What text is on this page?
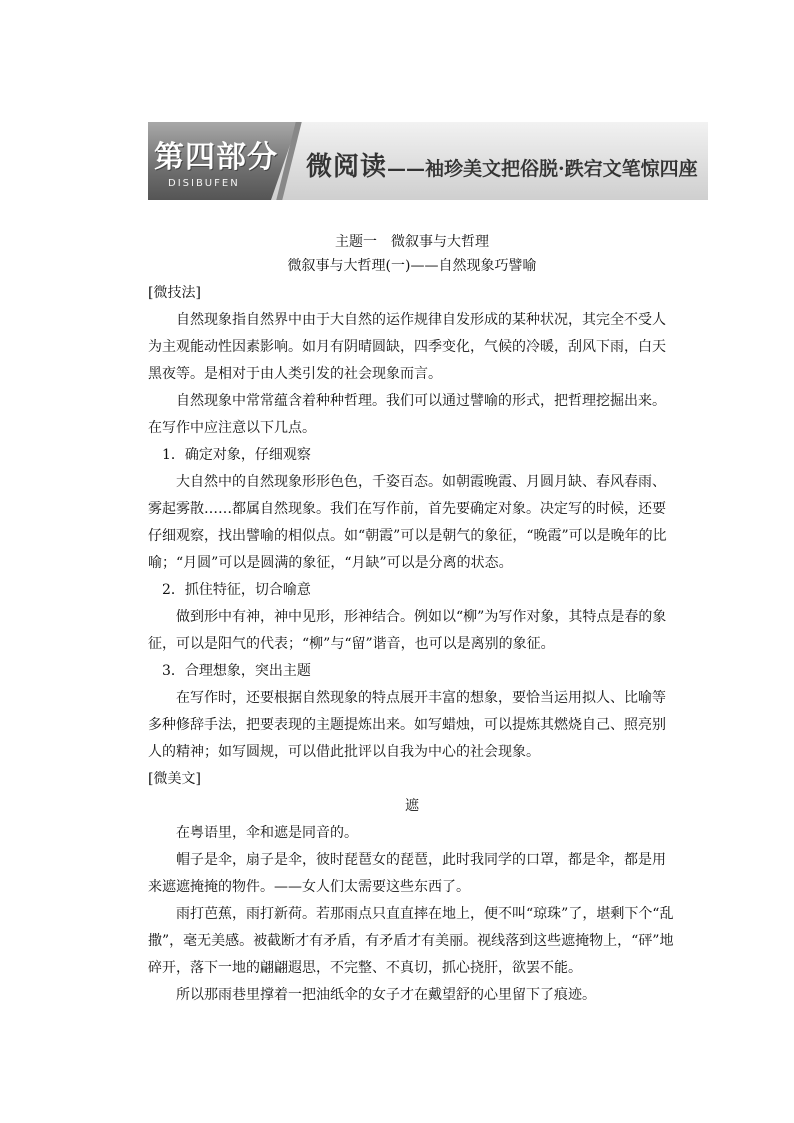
第四部分
DISIBUFEN
微阅读——袖珍美文把俗脱·跌宕文笔惊四座
主题一　微叙事与大哲理
微叙事与大哲理(一)——自然现象巧譬喻

[微技法]

自然现象指自然界中由于大自然的运作规律自发形成的某种状况，其完全不受人为主观能动性因素影响。如月有阴晴圆缺，四季变化，气候的冷暖，刮风下雨，白天黑夜等。是相对于由人类引发的社会现象而言。

自然现象中常常蕴含着种种哲理。我们可以通过譬喻的形式，把哲理挖掘出来。在写作中应注意以下几点。

1．确定对象，仔细观察

大自然中的自然现象形形色色，千姿百态。如朝霞晚霞、月圆月缺、春风春雨、雾起雾散……都属自然现象。我们在写作前，首先要确定对象。决定写的时候，还要仔细观察，找出譬喻的相似点。如“朝霞”可以是朝气的象征，“晚霞”可以是晚年的比喻；“月圆”可以是圆满的象征，“月缺”可以是分离的状态。

2．抓住特征，切合喻意

做到形中有神，神中见形，形神结合。例如以“柳”为写作对象，其特点是春的象征，可以是阳气的代表；“柳”与“留”谐音，也可以是离别的象征。

3．合理想象，突出主题

在写作时，还要根据自然现象的特点展开丰富的想象，要恰当运用拟人、比喻等多种修辞手法，把要表现的主题提炼出来。如写蜡烛，可以提炼其燃烧自己、照亮别人的精神；如写圆规，可以借此批评以自我为中心的社会现象。

[微美文]

遮

在粤语里，伞和遮是同音的。

帽子是伞，扇子是伞，彼时琵琶女的琵琶，此时我同学的口罩，都是伞，都是用来遮遮掩掩的物件。——女人们太需要这些东西了。

雨打芭蕉，雨打新荷。若那雨点只直直摔在地上，便不叫“琼珠”了，堪剩下个“乱撒”，毫无美感。被截断才有矛盾，有矛盾才有美丽。视线落到这些遮掩物上，“砰”地碎开，落下一地的翩翩遐思，不完整、不真切，抓心挠肝，欲罢不能。

所以那雨巷里撑着一把油纸伞的女子才在戴望舒的心里留下了痕迹。
